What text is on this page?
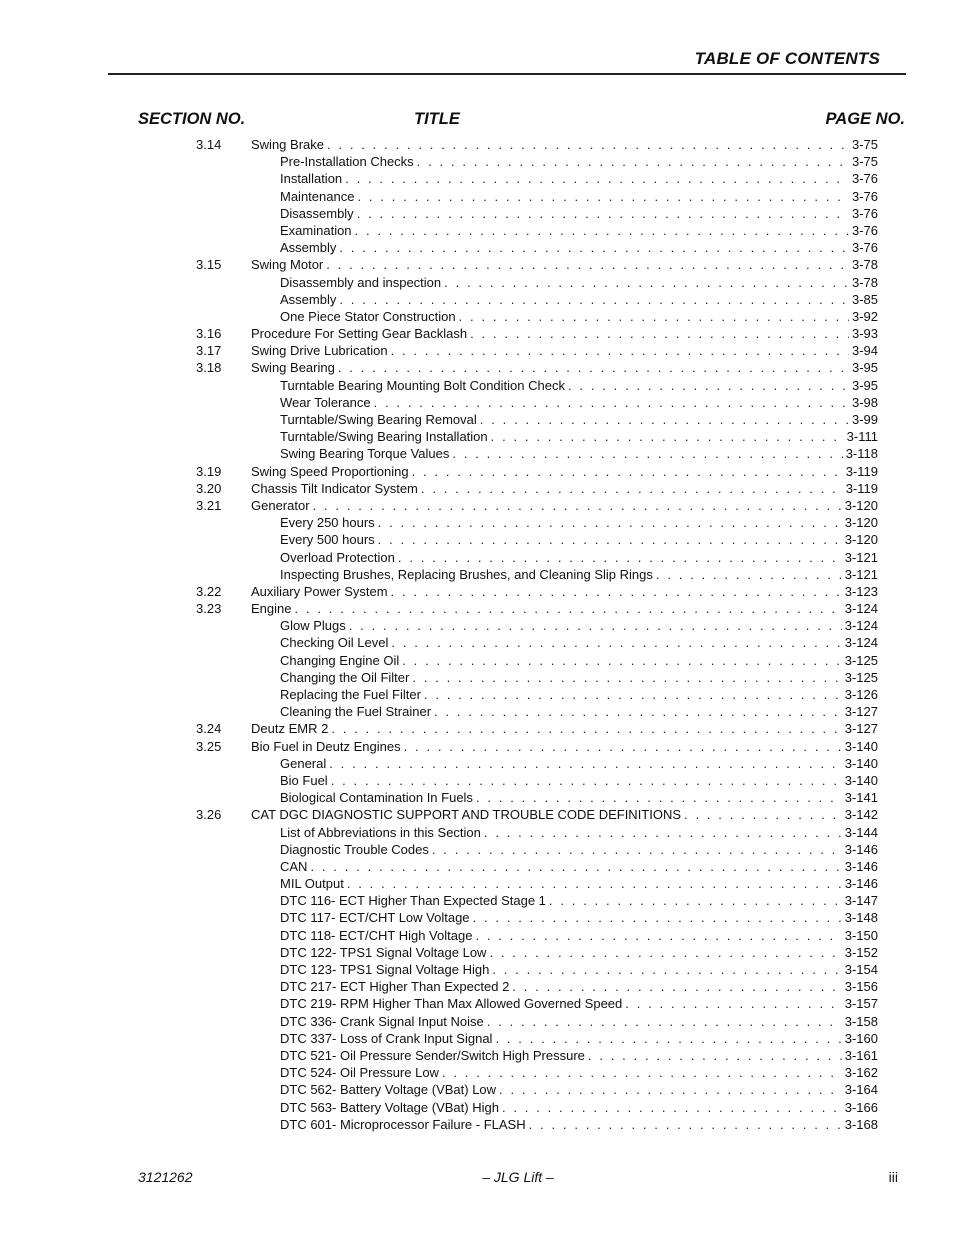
TABLE OF CONTENTS
SECTION NO.	TITLE	PAGE NO.
3.14 Swing Brake . . .	3-75
Pre-Installation Checks . . .	3-75
Installation . . .	3-76
Maintenance . . .	3-76
Disassembly . . .	3-76
Examination . . .	3-76
Assembly . . .	3-76
3.15 Swing Motor . . .	3-78
Disassembly and inspection . . .	3-78
Assembly . . .	3-85
One Piece Stator Construction . . .	3-92
3.16 Procedure For Setting Gear Backlash . . .	3-93
3.17 Swing Drive Lubrication . . .	3-94
3.18 Swing Bearing . . .	3-95
Turntable Bearing Mounting Bolt Condition Check . . .	3-95
Wear Tolerance . . .	3-98
Turntable/Swing Bearing Removal . . .	3-99
Turntable/Swing Bearing Installation . . .	3-111
Swing Bearing Torque Values . . .	3-118
3.19 Swing Speed Proportioning . . .	3-119
3.20 Chassis Tilt Indicator System . . .	3-119
3.21 Generator . . .	3-120
Every 250 hours . . .	3-120
Every 500 hours . . .	3-120
Overload Protection . . .	3-121
Inspecting Brushes, Replacing Brushes, and Cleaning Slip Rings . . .	3-121
3.22 Auxiliary Power System . . .	3-123
3.23 Engine . . .	3-124
Glow Plugs . . .	3-124
Checking Oil Level . . .	3-124
Changing Engine Oil . . .	3-125
Changing the Oil Filter . . .	3-125
Replacing the Fuel Filter . . .	3-126
Cleaning the Fuel Strainer . . .	3-127
3.24 Deutz EMR 2 . . .	3-127
3.25 Bio Fuel in Deutz Engines . . .	3-140
General . . .	3-140
Bio Fuel . . .	3-140
Biological Contamination In Fuels . . .	3-141
3.26 CAT DGC DIAGNOSTIC SUPPORT AND TROUBLE CODE DEFINITIONS . . .	3-142
List of Abbreviations in this Section . . .	3-144
Diagnostic Trouble Codes . . .	3-146
CAN . . .	3-146
MIL Output . . .	3-146
DTC 116- ECT Higher Than Expected Stage 1 . . .	3-147
DTC 117- ECT/CHT Low Voltage . . .	3-148
DTC 118- ECT/CHT High Voltage . . .	3-150
DTC 122- TPS1 Signal Voltage Low . . .	3-152
DTC 123- TPS1 Signal Voltage High . . .	3-154
DTC 217- ECT Higher Than Expected 2 . . .	3-156
DTC 219- RPM Higher Than Max Allowed Governed Speed . . .	3-157
DTC 336- Crank Signal Input Noise . . .	3-158
DTC 337- Loss of Crank Input Signal . . .	3-160
DTC 521- Oil Pressure Sender/Switch High Pressure . . .	3-161
DTC 524- Oil Pressure Low . . .	3-162
DTC 562- Battery Voltage (VBat) Low . . .	3-164
DTC 563- Battery Voltage (VBat) High . . .	3-166
DTC 601- Microprocessor Failure - FLASH . . .	3-168
3121262	– JLG Lift –	iii
